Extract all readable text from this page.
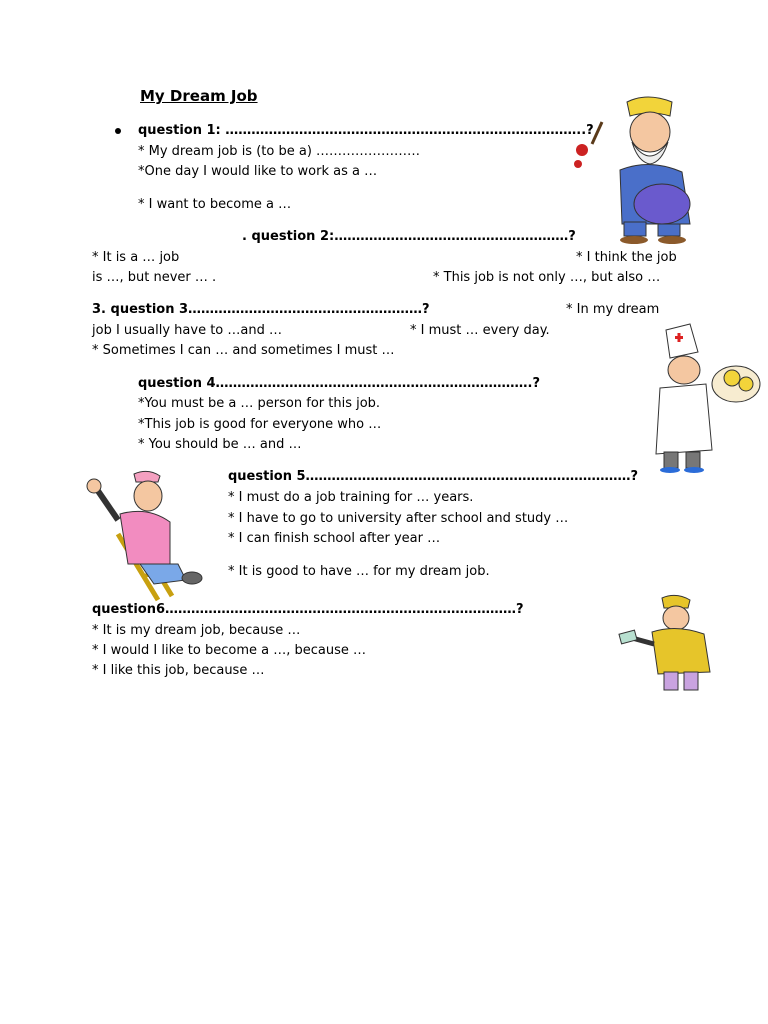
My Dream Job
question 1: ………………………………………………………………………..?
* My dream job is (to be a) ……………………
*One day I would like to work as a …
* I want to become a …
. question 2:………………………………………………?
* It is a … job	* I think the job
is …, but never … .	* This job is not only …, but also …
3. question 3………………………………………………?	* In my dream
job I usually have to …and …	* I must … every day.
* Sometimes I can … and sometimes I must …
question 4……………………………………………………………….?
*You must be a … person for this job.
*This job is good for everyone who …
* You should be … and …
question 5…………………………………………………………………?
* I must do a job training for … years.
* I have to go to university after school and study …
* I can finish school after year …
* It is good to have … for my dream job.
question6………………………………………………………………………?
* It is my dream job, because …
* I would I like to become a …, because …
* I like this job, because …
